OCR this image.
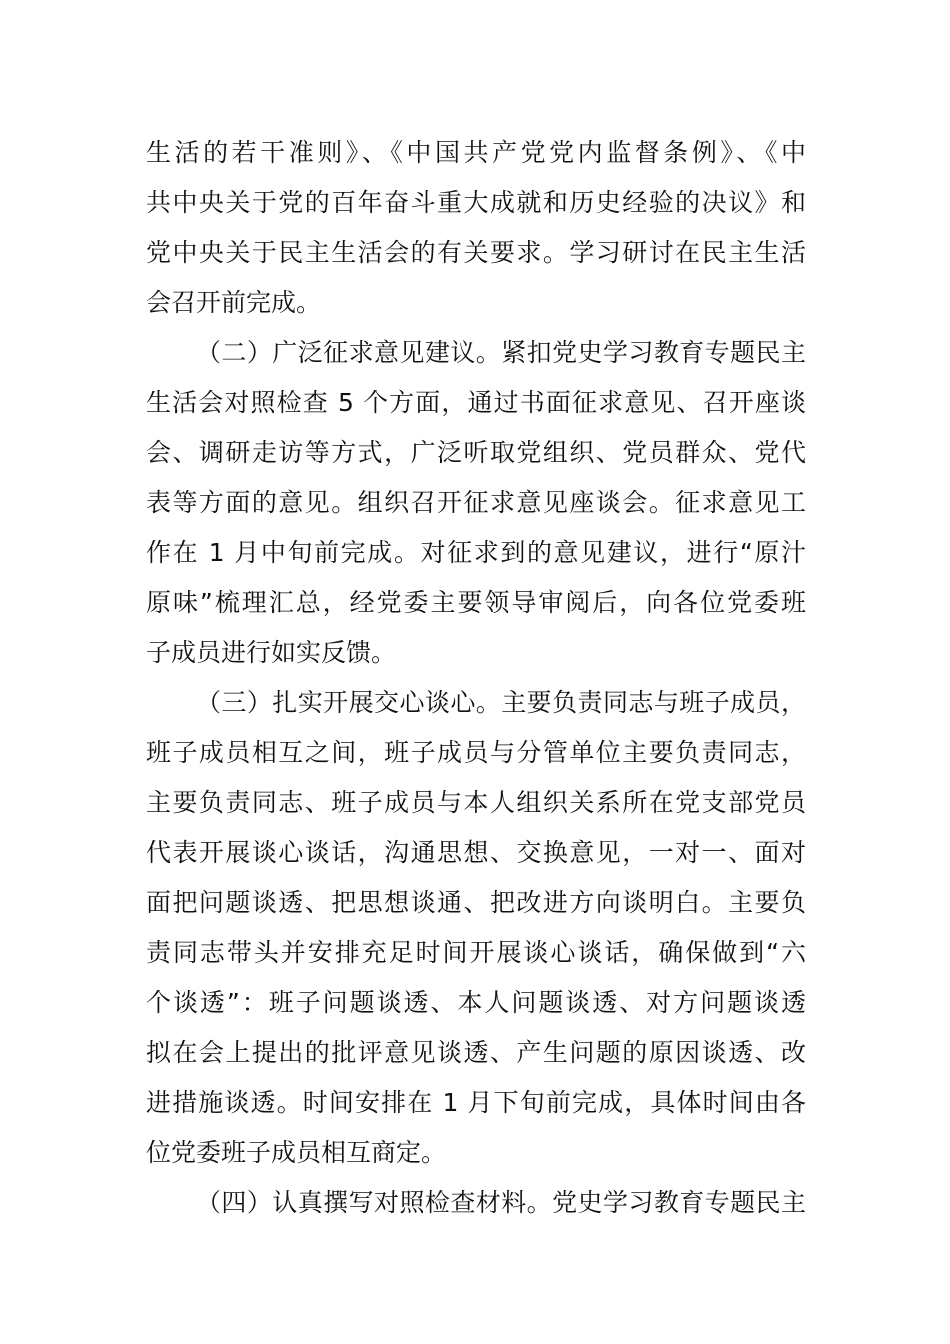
生活的若干准则》、《中国共产党党内监督条例》、《中
共中央关于党的百年奋斗重大成就和历史经验的决议》和
党中央关于民主生活会的有关要求。学习研讨在民主生活
会召开前完成。
（二）广泛征求意见建议。紧扣党史学习教育专题民主
生活会对照检查 5 个方面，通过书面征求意见、召开座谈
会、调研走访等方式，广泛听取党组织、党员群众、党代
表等方面的意见。组织召开征求意见座谈会。征求意见工
作在 1 月中旬前完成。对征求到的意见建议，进行“原汁
原味”梳理汇总，经党委主要领导审阅后，向各位党委班
子成员进行如实反馈。
（三）扎实开展交心谈心。主要负责同志与班子成员，
班子成员相互之间，班子成员与分管单位主要负责同志，
主要负责同志、班子成员与本人组织关系所在党支部党员
代表开展谈心谈话，沟通思想、交换意见，一对一、面对
面把问题谈透、把思想谈通、把改进方向谈明白。主要负
责同志带头并安排充足时间开展谈心谈话，确保做到“六
个谈透”：班子问题谈透、本人问题谈透、对方问题谈透
拟在会上提出的批评意见谈透、产生问题的原因谈透、改
进措施谈透。时间安排在 1 月下旬前完成，具体时间由各
位党委班子成员相互商定。
（四）认真撰写对照检查材料。党史学习教育专题民主
